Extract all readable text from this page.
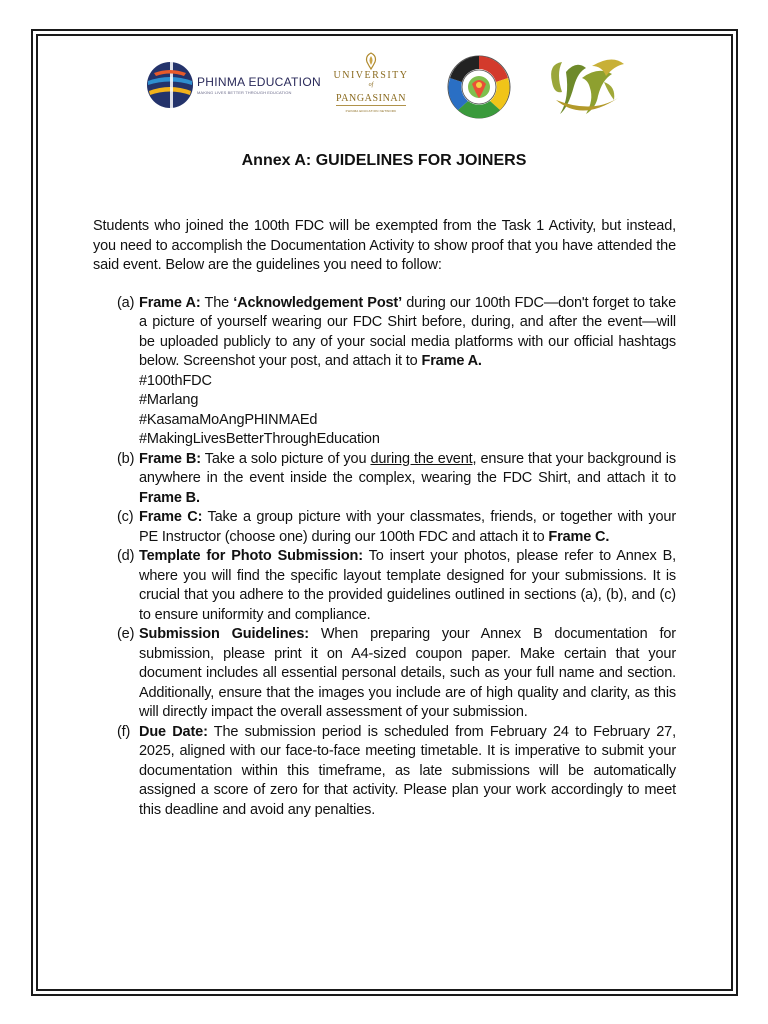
PHINMA EDUCATION
MAKING LIVES BETTER THROUGH EDUCATION
UNIVERSITY
of
PANGASINAN
PHINMA EDUCATION NETWORK
Annex A: GUIDELINES FOR JOINERS

Students who joined the 100th FDC will be exempted from the Task 1 Activity, but instead, you need to accomplish the Documentation Activity to show proof that you have attended the said event. Below are the guidelines you need to follow:

(a) Frame A: The ‘Acknowledgement Post’ during our 100th FDC—don't forget to take a picture of yourself wearing our FDC Shirt before, during, and after the event—will be uploaded publicly to any of your social media platforms with our official hashtags below. Screenshot your post, and attach it to Frame A.
#100thFDC
#Marlang
#KasamaMoAngPHINMAEd
#MakingLivesBetterThroughEducation
(b) Frame B: Take a solo picture of you during the event, ensure that your background is anywhere in the event inside the complex, wearing the FDC Shirt, and attach it to Frame B.
(c) Frame C: Take a group picture with your classmates, friends, or together with your PE Instructor (choose one) during our 100th FDC and attach it to Frame C.
(d) Template for Photo Submission: To insert your photos, please refer to Annex B, where you will find the specific layout template designed for your submissions. It is crucial that you adhere to the provided guidelines outlined in sections (a), (b), and (c) to ensure uniformity and compliance.
(e) Submission Guidelines: When preparing your Annex B documentation for submission, please print it on A4-sized coupon paper. Make certain that your document includes all essential personal details, such as your full name and section. Additionally, ensure that the images you include are of high quality and clarity, as this will directly impact the overall assessment of your submission.
(f) Due Date: The submission period is scheduled from February 24 to February 27, 2025, aligned with our face-to-face meeting timetable. It is imperative to submit your documentation within this timeframe, as late submissions will be automatically assigned a score of zero for that activity. Please plan your work accordingly to meet this deadline and avoid any penalties.
